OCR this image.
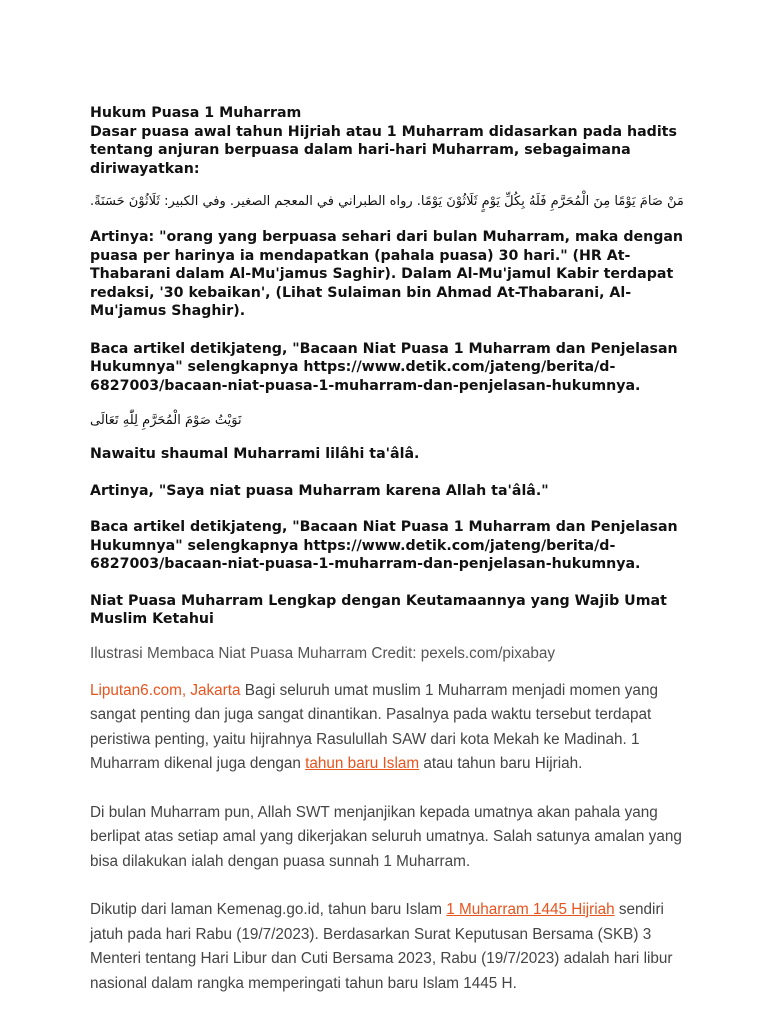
Hukum Puasa 1 Muharram
Dasar puasa awal tahun Hijriah atau 1 Muharram didasarkan pada hadits tentang anjuran berpuasa dalam hari-hari Muharram, sebagaimana diriwayatkan:

مَنْ صَامَ يَوْمًا مِنَ الْمُحَرَّمِ فَلَهُ بِكُلِّ يَوْمٍ ثَلَاثُوْنَ يَوْمًا. رواه الطبراني في المعجم الصغير. وفي الكبير: ثَلَاثُوْنَ حَسَنَةً.

Artinya: "orang yang berpuasa sehari dari bulan Muharram, maka dengan puasa per harinya ia mendapatkan (pahala puasa) 30 hari." (HR At-Thabarani dalam Al-Mu'jamus Saghir). Dalam Al-Mu'jamul Kabir terdapat redaksi, '30 kebaikan', (Lihat Sulaiman bin Ahmad At-Thabarani, Al-Mu'jamus Shaghir).

Baca artikel detikjateng, "Bacaan Niat Puasa 1 Muharram dan Penjelasan Hukumnya" selengkapnya https://www.detik.com/jateng/berita/d-6827003/bacaan-niat-puasa-1-muharram-dan-penjelasan-hukumnya.

نَوَيْتُ صَوْمَ الْمُحَرَّمِ لِلّٰهِ تَعَالَى

Nawaitu shaumal Muharrami lilâhi ta'âlâ.

Artinya, "Saya niat puasa Muharram karena Allah ta'âlâ."

Baca artikel detikjateng, "Bacaan Niat Puasa 1 Muharram dan Penjelasan Hukumnya" selengkapnya https://www.detik.com/jateng/berita/d-6827003/bacaan-niat-puasa-1-muharram-dan-penjelasan-hukumnya.

Niat Puasa Muharram Lengkap dengan Keutamaannya yang Wajib Umat Muslim Ketahui

Ilustrasi Membaca Niat Puasa Muharram Credit: pexels.com/pixabay

Liputan6.com, Jakarta Bagi seluruh umat muslim 1 Muharram menjadi momen yang sangat penting dan juga sangat dinantikan. Pasalnya pada waktu tersebut terdapat peristiwa penting, yaitu hijrahnya Rasulullah SAW dari kota Mekah ke Madinah. 1 Muharram dikenal juga dengan tahun baru Islam atau tahun baru Hijriah.

Di bulan Muharram pun, Allah SWT menjanjikan kepada umatnya akan pahala yang berlipat atas setiap amal yang dikerjakan seluruh umatnya. Salah satunya amalan yang bisa dilakukan ialah dengan puasa sunnah 1 Muharram.

Dikutip dari laman Kemenag.go.id, tahun baru Islam 1 Muharram 1445 Hijriah sendiri jatuh pada hari Rabu (19/7/2023). Berdasarkan Surat Keputusan Bersama (SKB) 3 Menteri tentang Hari Libur dan Cuti Bersama 2023, Rabu (19/7/2023) adalah hari libur nasional dalam rangka memperingati tahun baru Islam 1445 H.
